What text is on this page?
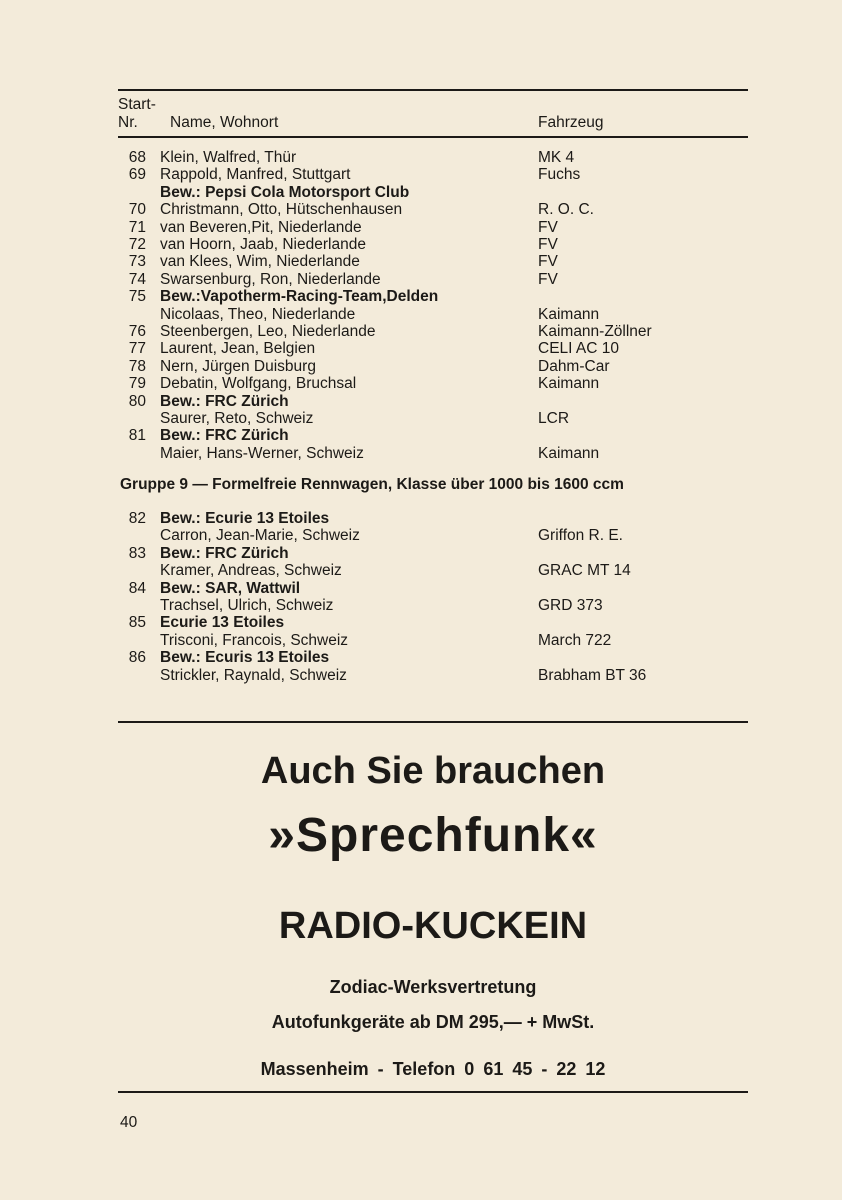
Start-
Nr. Name, Wohnort	Fahrzeug
68 Klein, Walfred, Thür	MK 4
69 Rappold, Manfred, Stuttgart	Fuchs
Bew.: Pepsi Cola Motorsport Club
70 Christmann, Otto, Hütschenhausen	R. O. C.
71 van Beveren,Pit, Niederlande	FV
72 van Hoorn, Jaab, Niederlande	FV
73 van Klees, Wim, Niederlande	FV
74 Swarsenburg, Ron, Niederlande	FV
75 Bew.:Vapotherm-Racing-Team,Delden
Nicolaas, Theo, Niederlande	Kaimann
76 Steenbergen, Leo, Niederlande	Kaimann-Zöllner
77 Laurent, Jean, Belgien	CELI AC 10
78 Nern, Jürgen Duisburg	Dahm-Car
79 Debatin, Wolfgang, Bruchsal	Kaimann
80 Bew.: FRC Zürich
Saurer, Reto, Schweiz	LCR
81 Bew.: FRC Zürich
Maier, Hans-Werner, Schweiz	Kaimann
Gruppe 9 — Formelfreie Rennwagen, Klasse über 1000 bis 1600 ccm
82 Bew.: Ecurie 13 Etoiles
Carron, Jean-Marie, Schweiz	Griffon R. E.
83 Bew.: FRC Zürich
Kramer, Andreas, Schweiz	GRAC MT 14
84 Bew.: SAR, Wattwil
Trachsel, Ulrich, Schweiz	GRD 373
85 Ecurie 13 Etoiles
Trisconi, Francois, Schweiz	March 722
86 Bew.: Ecuris 13 Etoiles
Strickler, Raynald, Schweiz	Brabham BT 36
Auch Sie brauchen
»Sprechfunk«
RADIO-KUCKEIN
Zodiac-Werksvertretung
Autofunkgeräte ab DM 295,— + MwSt.
Massenheim - Telefon 0 61 45 - 22 12
40
